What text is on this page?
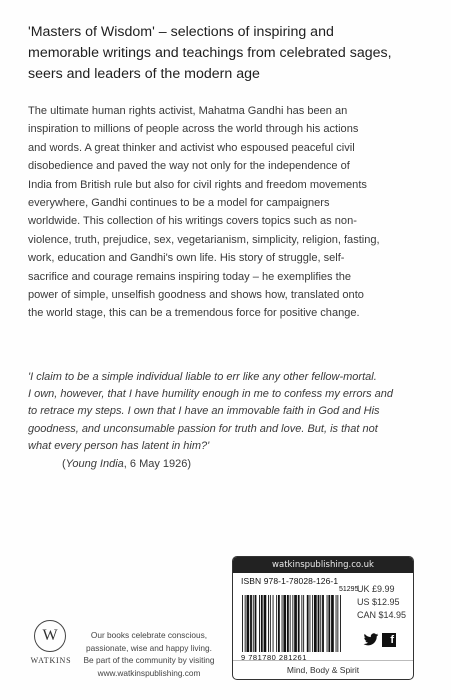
'Masters of Wisdom' – selections of inspiring and

memorable writings and teachings from celebrated sages,

seers and leaders of the modern age

The ultimate human rights activist, Mahatma Gandhi has been an
inspiration to millions of people across the world through his actions
and words. A great thinker and activist who espoused peaceful civil
disobedience and paved the way not only for the independence of
India from British rule but also for civil rights and freedom movements
everywhere, Gandhi continues to be a model for campaigners
worldwide. This collection of his writings covers topics such as non-
violence, truth, prejudice, sex, vegetarianism, simplicity, religion, fasting,
work, education and Gandhi's own life. His story of struggle, self-
sacrifice and courage remains inspiring today – he exemplifies the
power of simple, unselfish goodness and shows how, translated onto
the world stage, this can be a tremendous force for positive change.
'I claim to be a simple individual liable to err like any other fellow-mortal.
I own, however, that I have humility enough in me to confess my errors and
to retrace my steps. I own that I have an immovable faith in God and His
goodness, and unconsumable passion for truth and love. But, is that not
what every person has latent in him?'
(Young India, 6 May 1926)
watkinspublishing.co.uk
ISBN 978-1-78028-126-1
51295
9 781780 281261
UK £9.99
US $12.95
CAN $14.95
f
Mind, Body & Spirit
W
WATKINS
Our books celebrate conscious,
passionate, wise and happy living.
Be part of the community by visiting
www.watkinspublishing.com
